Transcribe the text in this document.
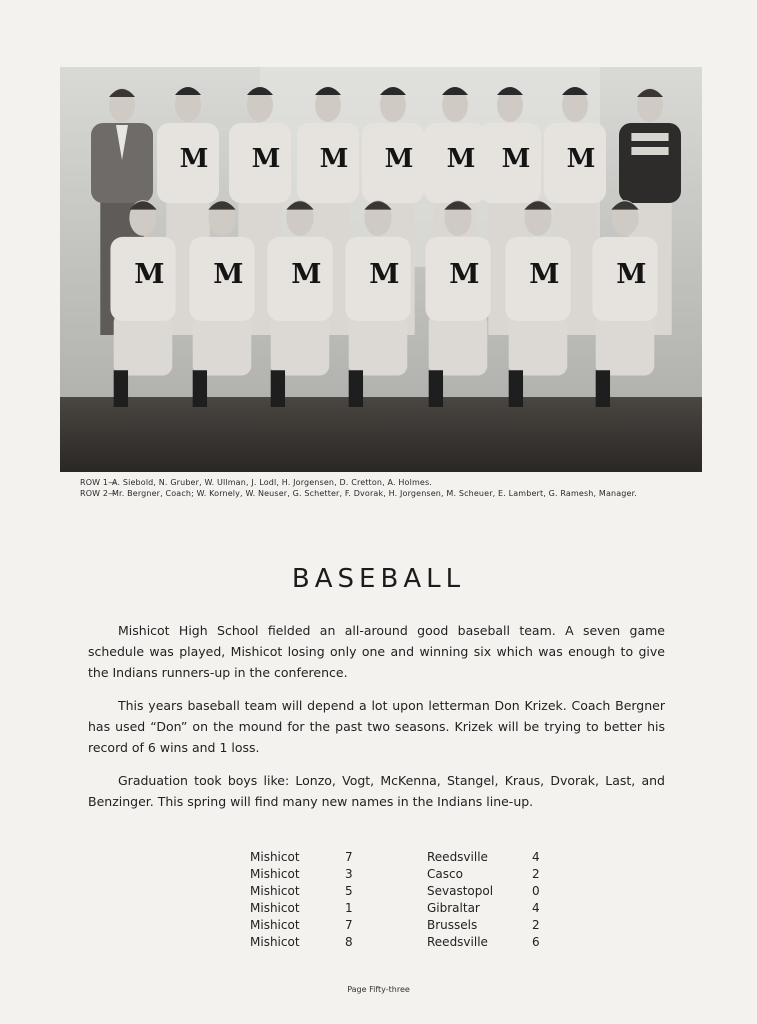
M M M M M M M
M M M M M M M
ROW 1—
A. Siebold, N. Gruber, W. Ullman, J. Lodl, H. Jorgensen, D. Cretton, A. Holmes.
ROW 2—
Mr. Bergner, Coach; W. Kornely, W. Neuser, G. Schetter, F. Dvorak, H. Jorgensen, M. Scheuer, E. Lambert, G. Ramesh, Manager.
BASEBALL

Mishicot High School fielded an all-around good baseball team. A seven game schedule was played, Mishicot losing only one and winning six which was enough to give the Indians runners-up in the conference.

This years baseball team will depend a lot upon letterman Don Krizek. Coach Bergner has used “Don” on the mound for the past two seasons. Krizek will be trying to better his record of 6 wins and 1 loss.

Graduation took boys like: Lonzo, Vogt, McKenna, Stangel, Kraus, Dvorak, Last, and Benzinger. This spring will find many new names in the Indians line-up.

Mishicot	7	Reedsville	4
Mishicot	3	Casco	2
Mishicot	5	Sevastopol	0
Mishicot	1	Gibraltar	4
Mishicot	7	Brussels	2
Mishicot	8	Reedsville	6
Page Fifty-three
